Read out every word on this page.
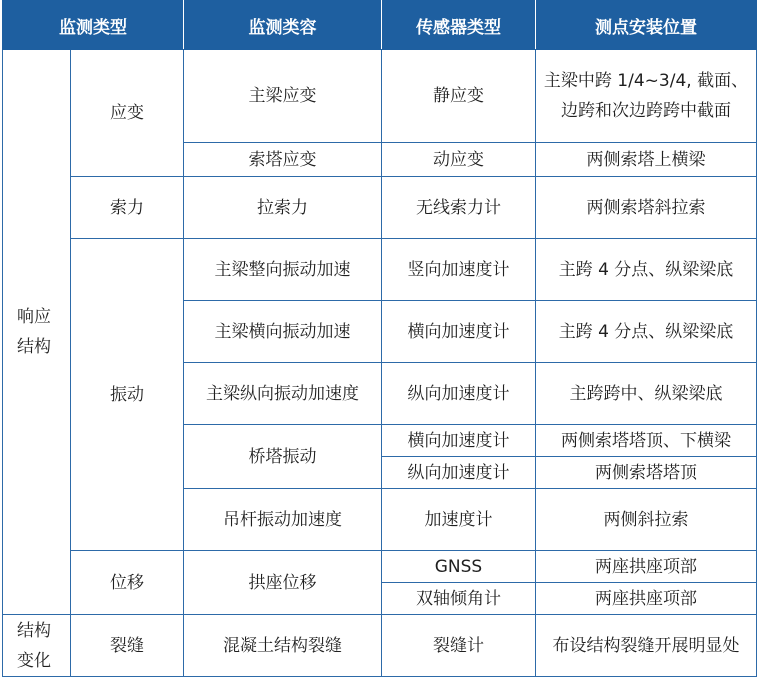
监测类型		监测类容	传感器类型	测点安装位置
响应结构	应变	主梁应变	静应变	主梁中跨 1/4~3/4, 截面、边跨和次边跨跨中截面
		索塔应变	动应变	两侧索塔上横梁
	索力	拉索力	无线索力计	两侧索塔斜拉索
	振动	主梁整向振动加速	竖向加速度计	主跨 4 分点、纵梁梁底
		主梁横向振动加速	横向加速度计	主跨 4 分点、纵梁梁底
		主梁纵向振动加速度	纵向加速度计	主跨跨中、纵梁梁底
		桥塔振动	横向加速度计	两侧索塔塔顶、下横梁
			纵向加速度计	两侧索塔塔顶
		吊杆振动加速度	加速度计	两侧斜拉索
	位移	拱座位移	GNSS	两座拱座项部
			双轴倾角计	两座拱座项部
结构变化	裂缝	混凝土结构裂缝	裂缝计	布设结构裂缝开展明显处
